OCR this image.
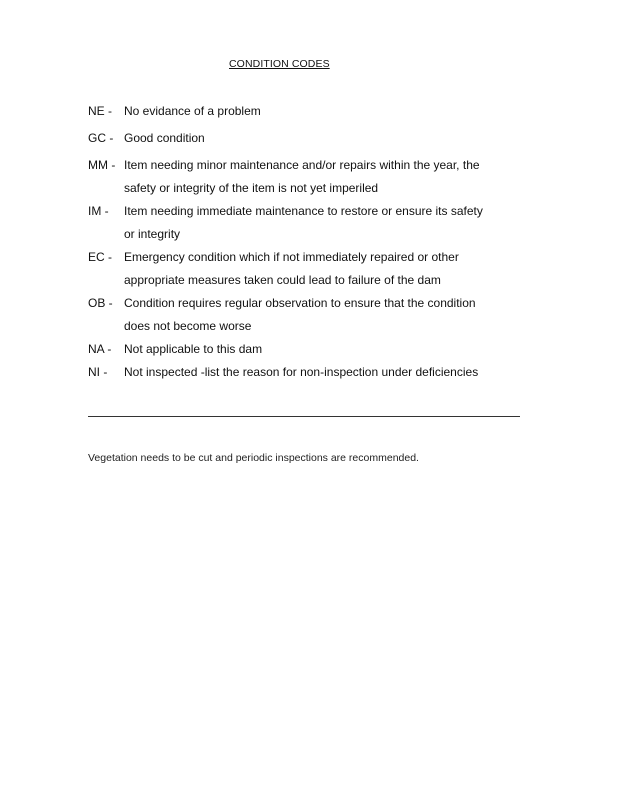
CONDITION CODES
NE -	No evidance of a problem
GC - Good condition
MM - Item needing minor maintenance and/or repairs within the year, the
safety or integrity of the item is not yet imperiled
IM -	Item needing immediate maintenance to restore or ensure its safety
or integrity
EC -	Emergency condition which if not immediately repaired or other
appropriate measures taken could lead to failure of the dam
OB - Condition requires regular observation to ensure that the condition
does not become worse
NA -	Not applicable to this dam
NI -	Not inspected -list the reason for non-inspection under deficiencies
Vegetation needs to be cut and periodic inspections are recommended.
